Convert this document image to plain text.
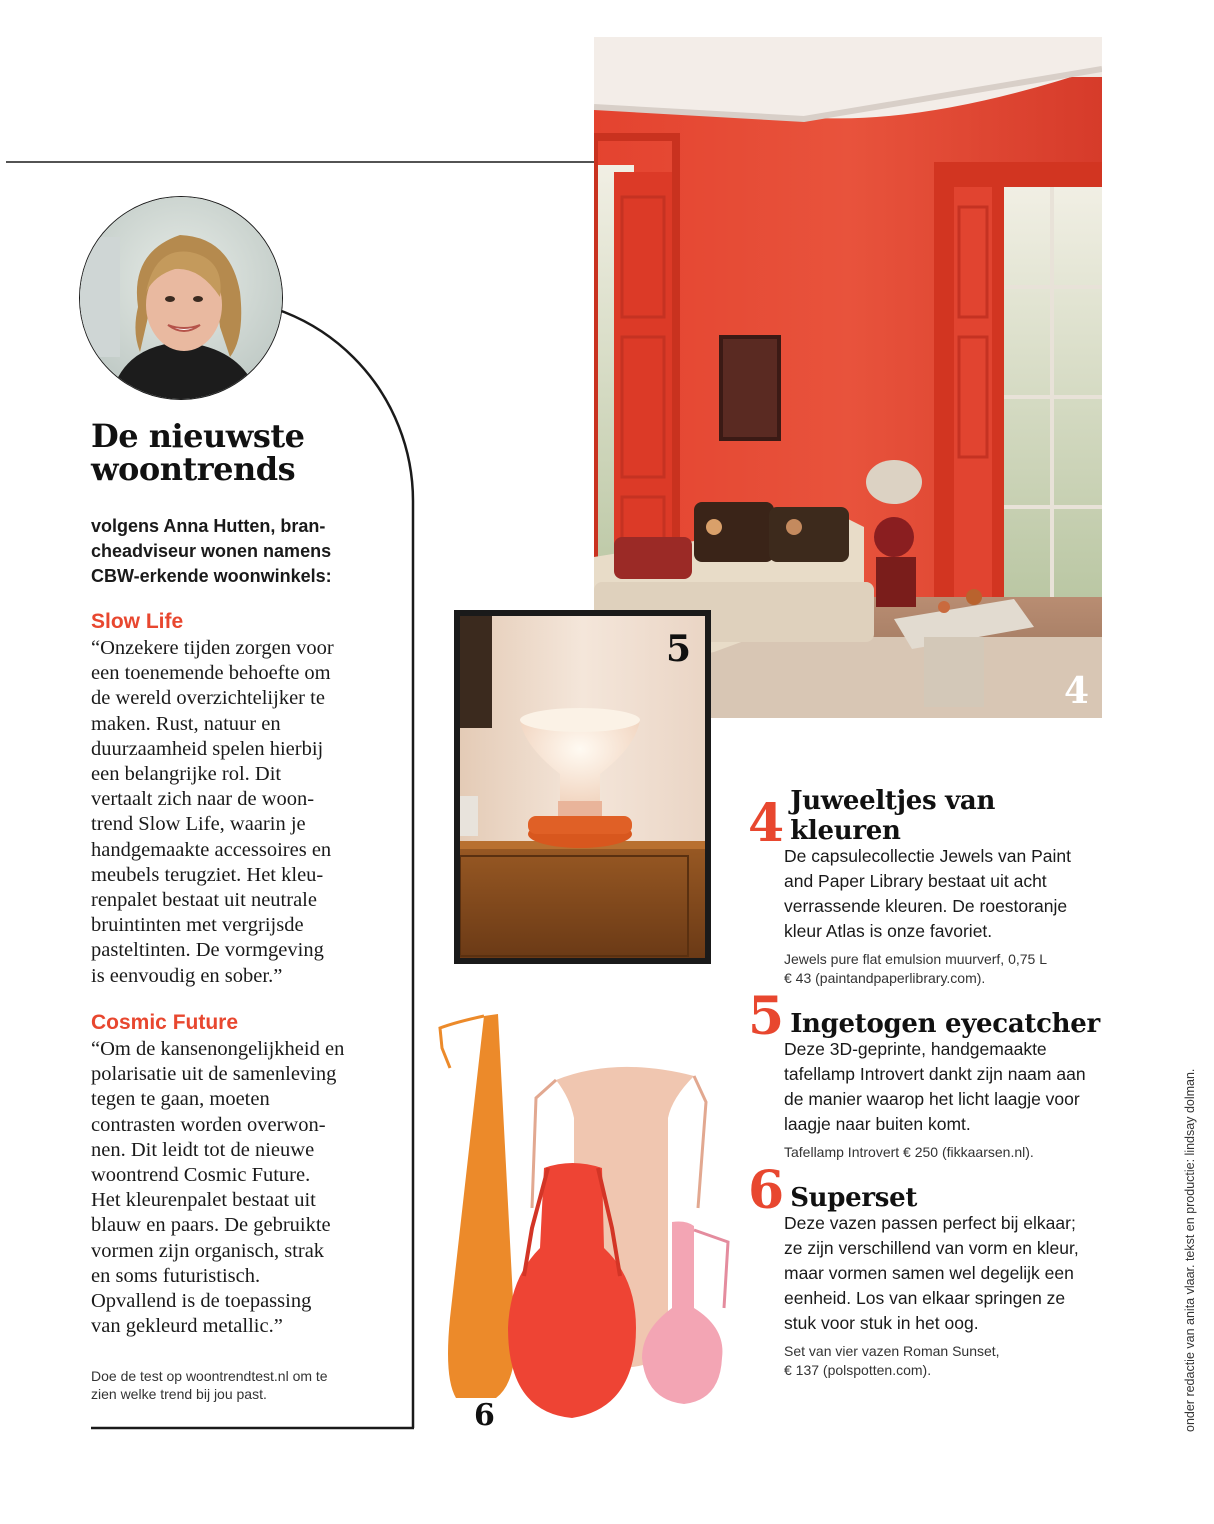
De nieuwste
woontrends
volgens Anna Hutten, bran-
cheadviseur wonen namens
CBW-erkende woonwinkels:
Slow Life
“Onzekere tijden zorgen voor
een toenemende behoefte om
de wereld overzichtelijker te
maken. Rust, natuur en
duurzaamheid spelen hierbij
een belangrijke rol. Dit
vertaalt zich naar de woon-
trend Slow Life, waarin je
handgemaakte accessoires en
meubels terugziet. Het kleu-
renpalet bestaat uit neutrale
bruintinten met vergrijsde
pasteltinten. De vormgeving
is eenvoudig en sober.”
Cosmic Future
“Om de kansenongelijkheid en
polarisatie uit de samenleving
tegen te gaan, moeten
contrasten worden overwon-
nen. Dit leidt tot de nieuwe
woontrend Cosmic Future.
Het kleurenpalet bestaat uit
blauw en paars. De gebruikte
vormen zijn organisch, strak
en soms futuristisch.
Opvallend is de toepassing
van gekleurd metallic.”
Doe de test op woontrendtest.nl om te
zien welke trend bij jou past.
4
5
6
4 Juweeltjes van kleuren
De capsulecollectie Jewels van Paint
and Paper Library bestaat uit acht
verrassende kleuren. De roestoranje
kleur Atlas is onze favoriet.
Jewels pure flat emulsion muurverf, 0,75 L
€ 43 (paintandpaperlibrary.com).
5 Ingetogen eyecatcher
Deze 3D-geprinte, handgemaakte
tafellamp Introvert dankt zijn naam aan
de manier waarop het licht laagje voor
laagje naar buiten komt.
Tafellamp Introvert € 250 (fikkaarsen.nl).
6 Superset
Deze vazen passen perfect bij elkaar;
ze zijn verschillend van vorm en kleur,
maar vormen samen wel degelijk een
eenheid. Los van elkaar springen ze
stuk voor stuk in het oog.
Set van vier vazen Roman Sunset,
€ 137 (polspotten.com).	onder redactie van anita vlaar. tekst en productie: lindsay dolman.
